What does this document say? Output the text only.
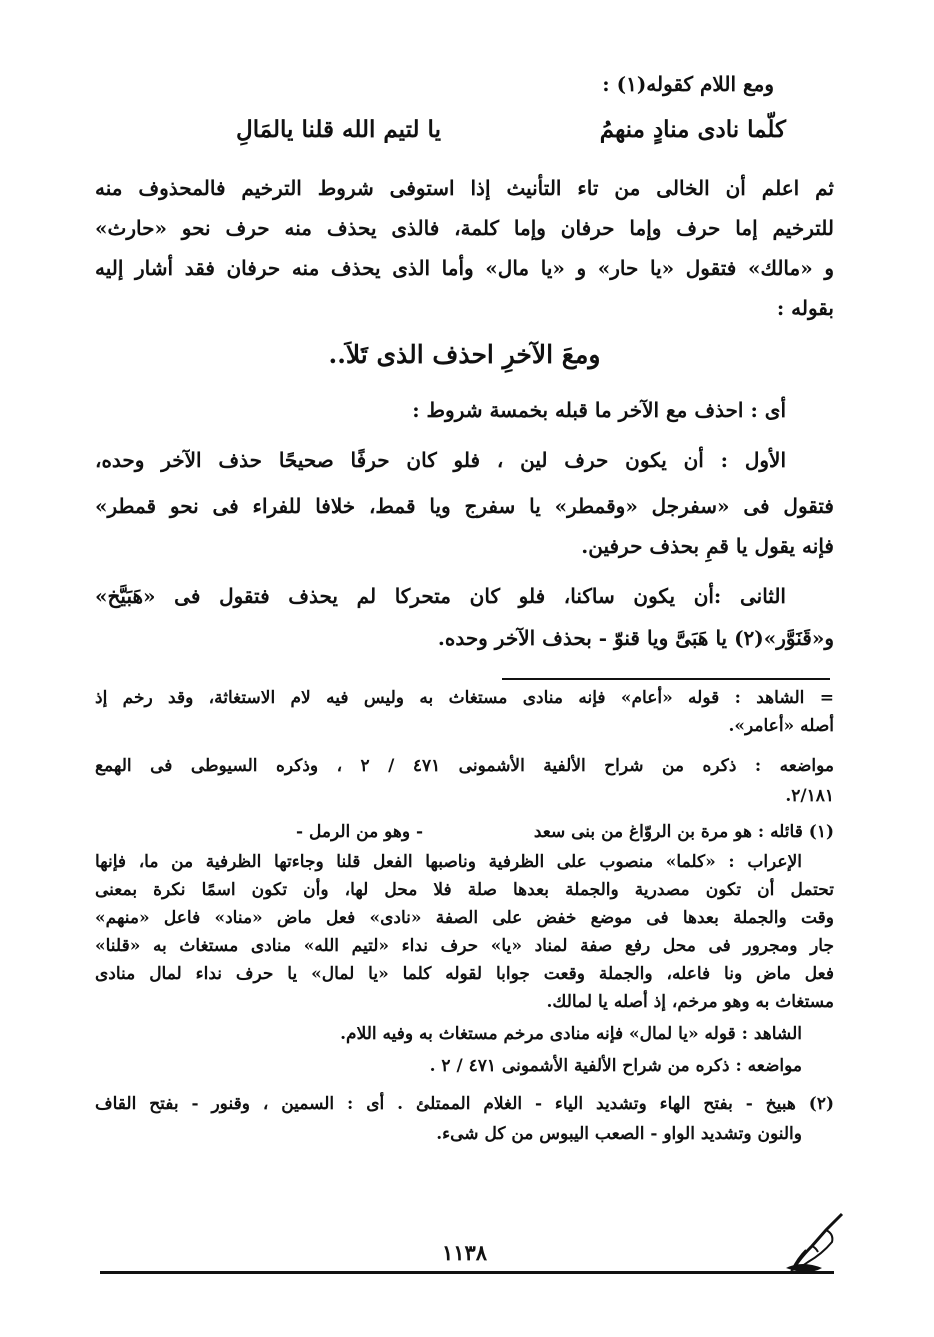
ومع اللام كقوله(١) :
كلّما نادى منادٍ منهمُ
يا لتيم الله قلنا يالمَالِ
ثم اعلم أن الخالى من تاء التأنيث إذا استوفى شروط الترخيم فالمحذوف منه
للترخيم إما حرف وإما حرفان وإما كلمة، فالذى يحذف منه حرف نحو «حارث»
و «مالك» فتقول «يا حار» و «يا مال» وأما الذى يحذف منه حرفان فقد أشار إليه
بقوله :
ومعَ الآخرِ احذف الذى تَلاَ..
أى : احذف مع الآخر ما قبله بخمسة شروط :
الأول : أن يكون حرف لين ، فلو كان حرفًا صحيحًا حذف الآخر وحده،
فتقول فى «سفرجل «وقمطر» يا سفرج ويا قمط، خلافا للفراء فى نحو قمطر»
فإنه يقول يا قمِ بحذف حرفين.
الثانى :أن يكون ساكنا، فلو كان متحركا لم يحذف فتقول فى «هَبَيَّخ»
و«قَنَوَّر»(٢) يا هَبَىَّ ويا قنوّ - بحذف الآخر وحده.
= الشاهد : قوله «أعام» فإنه منادى مستغاث به وليس فيه لام الاستغاثة، وقد رخم إذ
أصله «أعامر».
مواضعه : ذكره من شراح الألفية الأشمونى ٤٧١ / ٢ ، وذكره السيوطى فى الهمع
٢/١٨١.
(١) قائله : هو مرة بن الروّاغ من بنى سعد
- وهو من الرمل -
الإعراب : «كلما» منصوب على الظرفية وناصبها الفعل قلنا وجاءتها الظرفية من ما، فإنها
تحتمل أن تكون مصدرية والجملة بعدها صلة فلا محل لها، وأن تكون اسمًا نكرة بمعنى
وقت والجملة بعدها فى موضع خفض على الصفة «نادى» فعل ماض «مناد» فاعل «منهم»
جار ومجرور فى محل رفع صفة لمناد «يا» حرف نداء «لتيم الله» منادى مستغاث به «قلنا»
فعل ماض ونا فاعله، والجملة وقعت جوابا لقوله كلما «يا لمال» يا حرف نداء لمال منادى
مستغاث به وهو مرخم، إذ أصله يا لمالك.
الشاهد : قوله «يا لمال» فإنه منادى مرخم مستغاث به وفيه اللام.
مواضعه : ذكره من شراح الألفية الأشمونى ٤٧١ / ٢ .
(٢) هبيخ - بفتح الهاء وتشديد الياء - الغلام الممتلئ . أى : السمين ، وقنور - بفتح القاف
والنون وتشديد الواو - الصعب اليبوس من كل شىء.
١١٣٨
